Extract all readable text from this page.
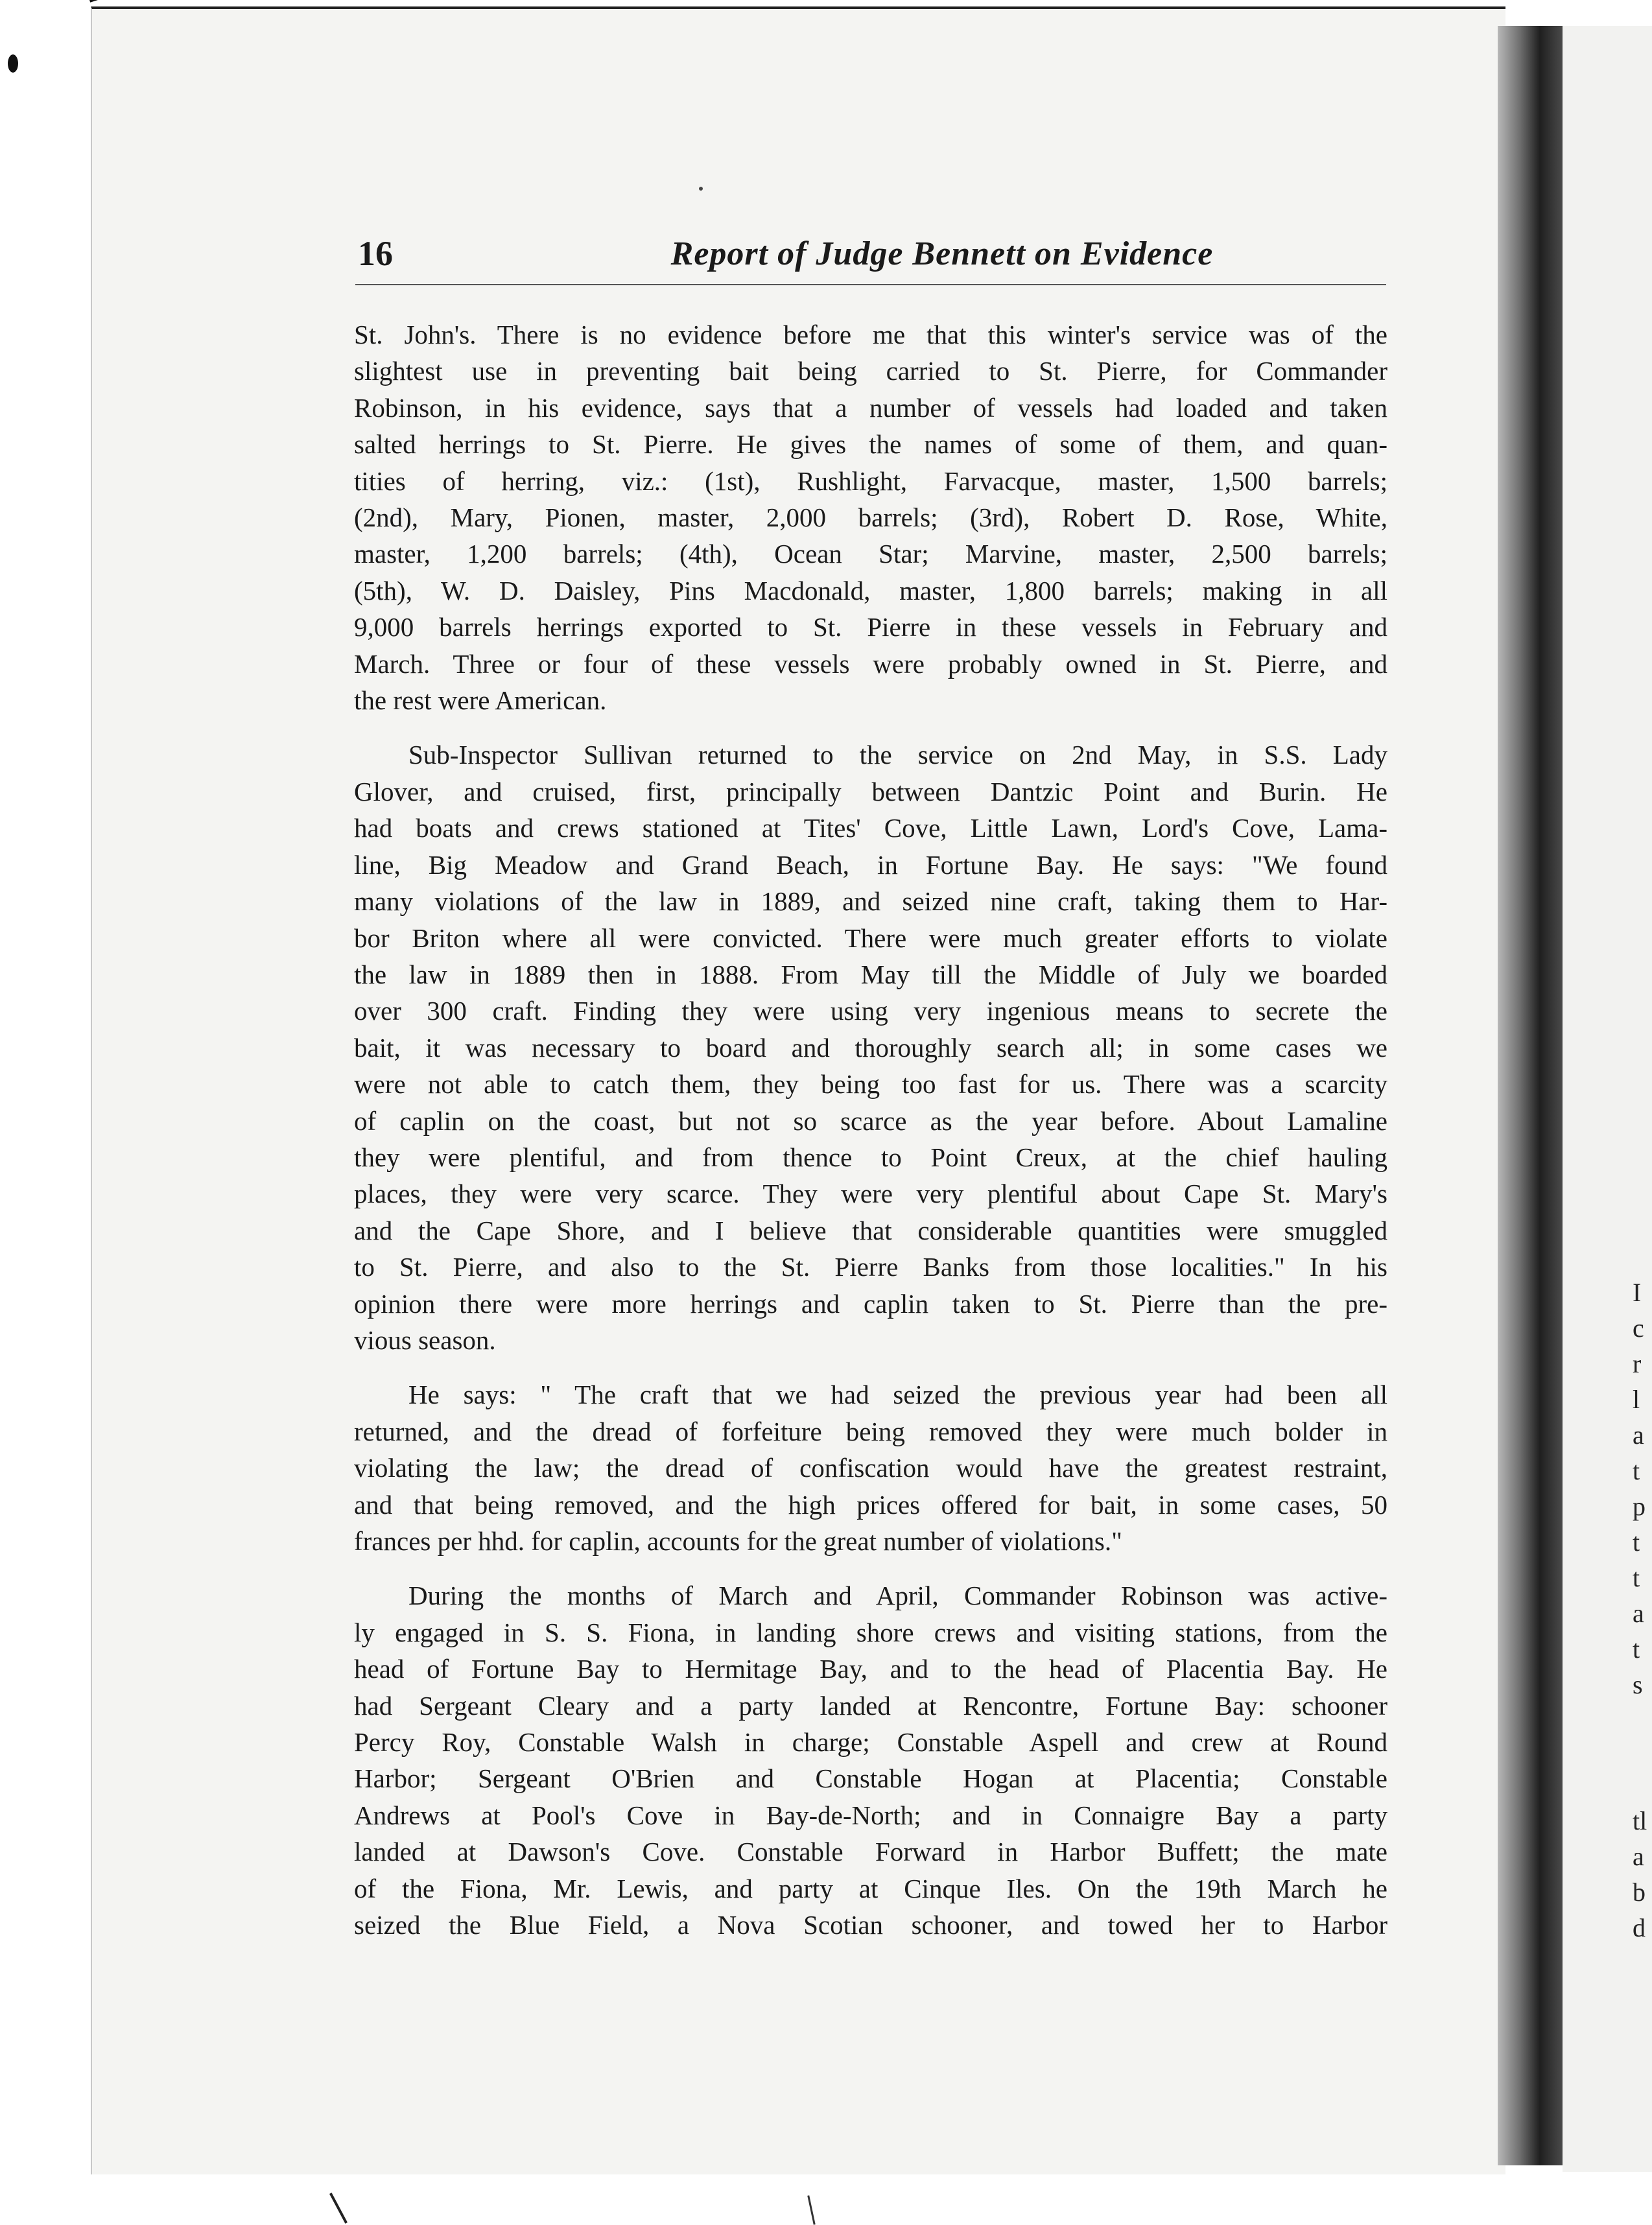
I
c
r
l
a
t
p
t
t
a
t
s
tl
a
b
d
16	Report of Judge Bennett on Evidence
St. John's. There is no evidence before me that this winter's service was of the
slightest use in preventing bait being carried to St. Pierre, for Commander
Robinson, in his evidence, says that a number of vessels had loaded and taken
salted herrings to St. Pierre. He gives the names of some of them, and quan-
tities of herring, viz.: (1st), Rushlight, Farvacque, master, 1,500 barrels;
(2nd), Mary, Pionen, master, 2,000 barrels; (3rd), Robert D. Rose, White,
master, 1,200 barrels; (4th), Ocean Star; Marvine, master, 2,500 barrels;
(5th), W. D. Daisley, Pins Macdonald, master, 1,800 barrels; making in all
9,000 barrels herrings exported to St. Pierre in these vessels in February and
March. Three or four of these vessels were probably owned in St. Pierre, and
the rest were American.
Sub-Inspector Sullivan returned to the service on 2nd May, in S.S. Lady
Glover, and cruised, first, principally between Dantzic Point and Burin. He
had boats and crews stationed at Tites' Cove, Little Lawn, Lord's Cove, Lama-
line, Big Meadow and Grand Beach, in Fortune Bay. He says: "We found
many violations of the law in 1889, and seized nine craft, taking them to Har-
bor Briton where all were convicted. There were much greater efforts to violate
the law in 1889 then in 1888. From May till the Middle of July we boarded
over 300 craft. Finding they were using very ingenious means to secrete the
bait, it was necessary to board and thoroughly search all; in some cases we
were not able to catch them, they being too fast for us. There was a scarcity
of caplin on the coast, but not so scarce as the year before. About Lamaline
they were plentiful, and from thence to Point Creux, at the chief hauling
places, they were very scarce. They were very plentiful about Cape St. Mary's
and the Cape Shore, and I believe that considerable quantities were smuggled
to St. Pierre, and also to the St. Pierre Banks from those localities." In his
opinion there were more herrings and caplin taken to St. Pierre than the pre-
vious season.
He says: " The craft that we had seized the previous year had been all
returned, and the dread of forfeiture being removed they were much bolder in
violating the law; the dread of confiscation would have the greatest restraint,
and that being removed, and the high prices offered for bait, in some cases, 50
frances per hhd. for caplin, accounts for the great number of violations."
During the months of March and April, Commander Robinson was active-
ly engaged in S. S. Fiona, in landing shore crews and visiting stations, from the
head of Fortune Bay to Hermitage Bay, and to the head of Placentia Bay. He
had Sergeant Cleary and a party landed at Rencontre, Fortune Bay: schooner
Percy Roy, Constable Walsh in charge; Constable Aspell and crew at Round
Harbor; Sergeant O'Brien and Constable Hogan at Placentia; Constable
Andrews at Pool's Cove in Bay-de-North; and in Connaigre Bay a party
landed at Dawson's Cove. Constable Forward in Harbor Buffett; the mate
of the Fiona, Mr. Lewis, and party at Cinque Iles. On the 19th March he
seized the Blue Field, a Nova Scotian schooner, and towed her to Harbor
